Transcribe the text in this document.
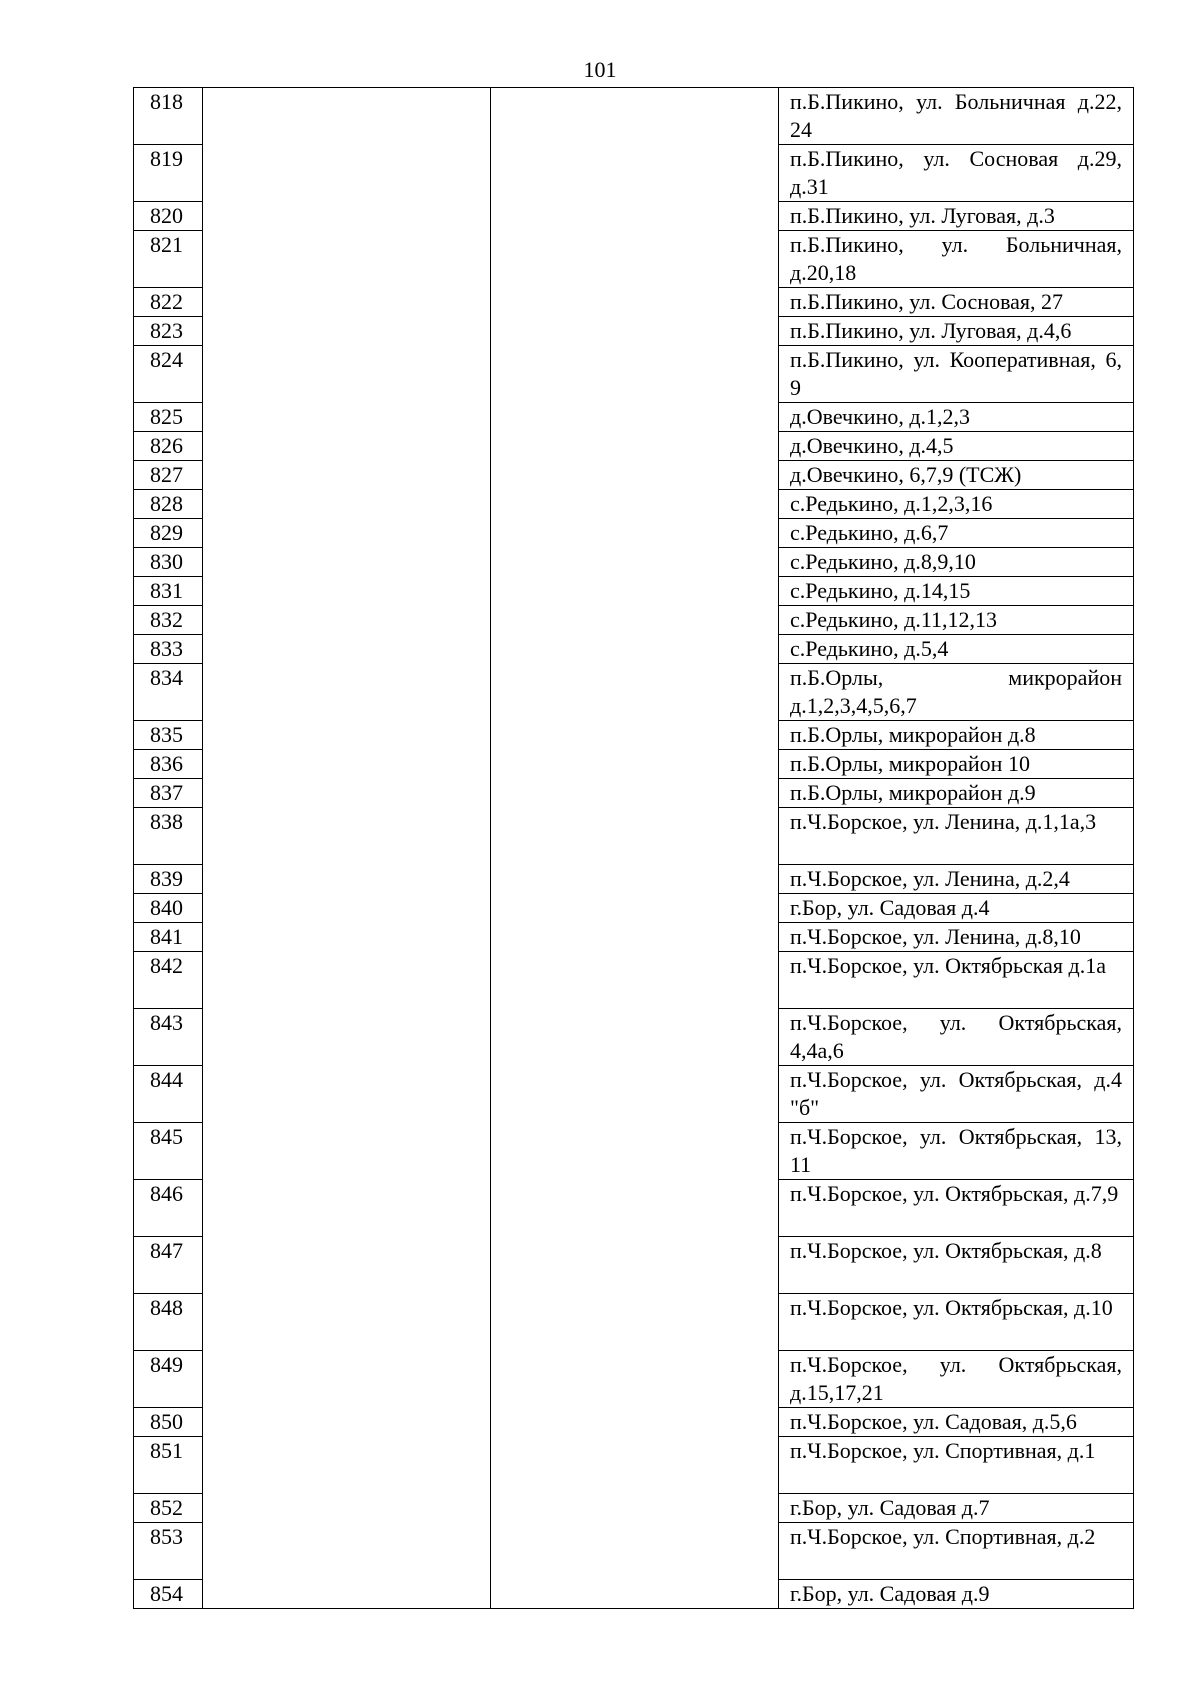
101
818			п.Б.Пикино, ул. Больничная д.22, 24
819			п.Б.Пикино, ул. Сосновая д.29, д.31
820			п.Б.Пикино, ул. Луговая, д.3
821			п.Б.Пикино, ул. Больничная, д.20,18
822			п.Б.Пикино, ул. Сосновая, 27
823			п.Б.Пикино, ул. Луговая, д.4,6
824			п.Б.Пикино, ул. Кооперативная, 6, 9
825			д.Овечкино, д.1,2,3
826			д.Овечкино, д.4,5
827			д.Овечкино, 6,7,9 (ТСЖ)
828			с.Редькино, д.1,2,3,16
829			с.Редькино, д.6,7
830			с.Редькино, д.8,9,10
831			с.Редькино, д.14,15
832			с.Редькино, д.11,12,13
833			с.Редькино, д.5,4
834			п.Б.Орлы, микрорайон д.1,2,3,4,5,6,7
835			п.Б.Орлы, микрорайон д.8
836			п.Б.Орлы, микрорайон 10
837			п.Б.Орлы, микрорайон д.9
838			п.Ч.Борское, ул. Ленина, д.1,1а,3
839			п.Ч.Борское, ул. Ленина, д.2,4
840			г.Бор, ул. Садовая д.4
841			п.Ч.Борское, ул. Ленина, д.8,10
842			п.Ч.Борское, ул. Октябрьская д.1а
843			п.Ч.Борское, ул. Октябрьская, 4,4а,6
844			п.Ч.Борское, ул. Октябрьская, д.4 "б"
845			п.Ч.Борское, ул. Октябрьская, 13, 11
846			п.Ч.Борское, ул. Октябрьская, д.7,9
847			п.Ч.Борское, ул. Октябрьская, д.8
848			п.Ч.Борское, ул. Октябрьская, д.10
849			п.Ч.Борское, ул. Октябрьская, д.15,17,21
850			п.Ч.Борское, ул. Садовая, д.5,6
851			п.Ч.Борское, ул. Спортивная, д.1
852			г.Бор, ул. Садовая д.7
853			п.Ч.Борское, ул. Спортивная, д.2
854			г.Бор, ул. Садовая д.9
